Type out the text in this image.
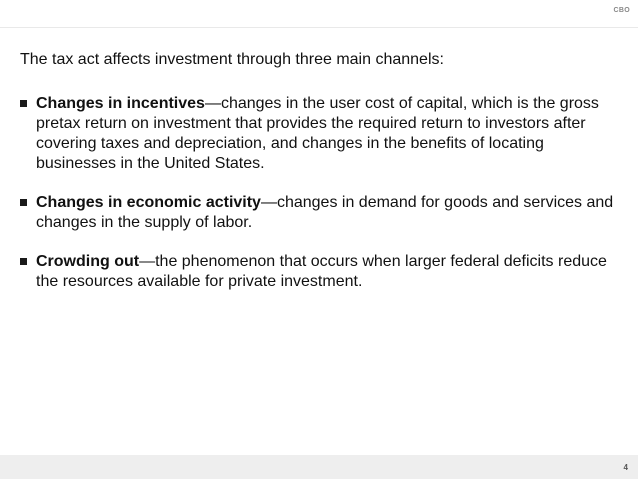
CBO
The tax act affects investment through three main channels:
Changes in incentives—changes in the user cost of capital, which is the gross pretax return on investment that provides the required return to investors after covering taxes and depreciation, and changes in the benefits of locating businesses in the United States.
Changes in economic activity—changes in demand for goods and services and changes in the supply of labor.
Crowding out—the phenomenon that occurs when larger federal deficits reduce the resources available for private investment.
4
